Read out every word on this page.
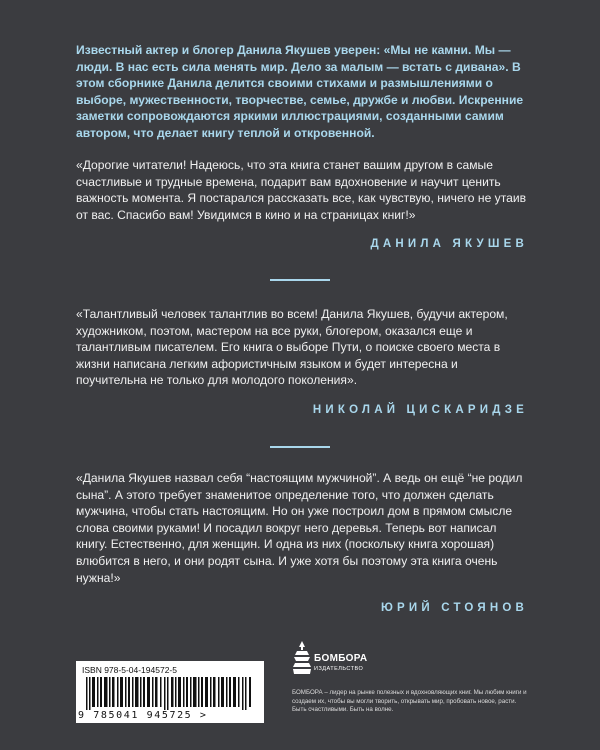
Известный актер и блогер Данила Якушев уверен: «Мы не камни. Мы — люди. В нас есть сила менять мир. Дело за малым — встать с дивана». В этом сборнике Данила делится своими стихами и размышлениями о выборе, мужественности, творчестве, семье, дружбе и любви. Искренние заметки сопровождаются яркими иллюстрациями, созданными самим автором, что делает книгу теплой и откровенной.

«Дорогие читатели! Надеюсь, что эта книга станет вашим другом в самые счастливые и трудные времена, подарит вам вдохновение и научит ценить важность момента. Я постарался рассказать все, как чувствую, ничего не утаив от вас. Спасибо вам! Увидимся в кино и на страницах книг!»

ДАНИЛА ЯКУШЕВ

«Талантливый человек талантлив во всем! Данила Якушев, будучи актером, художником, поэтом, мастером на все руки, блогером, оказался еще и талантливым писателем. Его книга о выборе Пути, о поиске своего места в жизни написана легким афористичным языком и будет интересна и поучительна не только для молодого поколения».

НИКОЛАЙ ЦИСКАРИДЗЕ

«Данила Якушев назвал себя “настоящим мужчиной”. А ведь он ещё “не родил сына”. А этого требует знаменитое определение того, что должен сделать мужчина, чтобы стать настоящим. Но он уже построил дом в прямом смысле слова своими руками! И посадил вокруг него деревья. Теперь вот написал книгу. Естественно, для женщин. И одна из них (поскольку книга хорошая) влюбится в него, и они родят сына. И уже хотя бы поэтому эта книга очень нужна!»

ЮРИЙ СТОЯНОВ

ISBN 978-5-04-194572-5
9 785041 945725 >
БОМБОРА
ИЗДАТЕЛЬСТВО

БОМБОРА – лидер на рынке полезных и вдохновляющих книг. Мы любим книги и создаем их, чтобы вы могли творить, открывать мир, пробовать новое, расти. Быть счастливыми. Быть на волне.
